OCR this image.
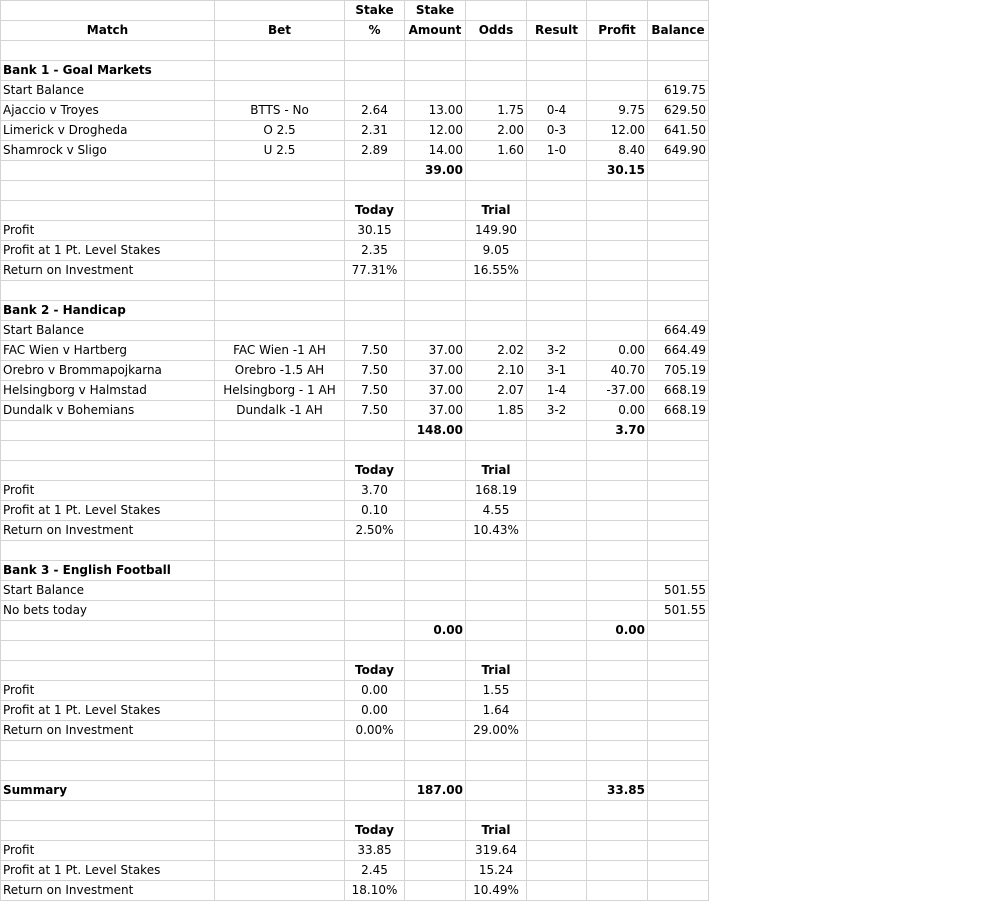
		Stake	Stake				
Match	Bet	%	Amount	Odds	Result	Profit	Balance

Bank 1 - Goal Markets							
Start Balance							619.75
Ajaccio v Troyes	BTTS - No	2.64	13.00	1.75	0-4	9.75	629.50
Limerick v Drogheda	O 2.5	2.31	12.00	2.00	0-3	12.00	641.50
Shamrock v Sligo	U 2.5	2.89	14.00	1.60	1-0	8.40	649.90
			39.00			30.15	

		Today		Trial			
Profit		30.15		149.90			
Profit at 1 Pt. Level Stakes		2.35		9.05			
Return on Investment		77.31%		16.55%			

Bank 2 - Handicap							
Start Balance							664.49
FAC Wien v Hartberg	FAC Wien -1 AH	7.50	37.00	2.02	3-2	0.00	664.49
Orebro v Brommapojkarna	Orebro -1.5 AH	7.50	37.00	2.10	3-1	40.70	705.19
Helsingborg v Halmstad	Helsingborg - 1 AH	7.50	37.00	2.07	1-4	-37.00	668.19
Dundalk v Bohemians	Dundalk -1 AH	7.50	37.00	1.85	3-2	0.00	668.19
			148.00			3.70	

		Today		Trial			
Profit		3.70		168.19			
Profit at 1 Pt. Level Stakes		0.10		4.55			
Return on Investment		2.50%		10.43%			

Bank 3 - English Football							
Start Balance							501.55
No bets today							501.55
			0.00			0.00	

		Today		Trial			
Profit		0.00		1.55			
Profit at 1 Pt. Level Stakes		0.00		1.64			
Return on Investment		0.00%		29.00%			

Summary			187.00			33.85	

		Today		Trial			
Profit		33.85		319.64			
Profit at 1 Pt. Level Stakes		2.45		15.24			
Return on Investment		18.10%		10.49%			
